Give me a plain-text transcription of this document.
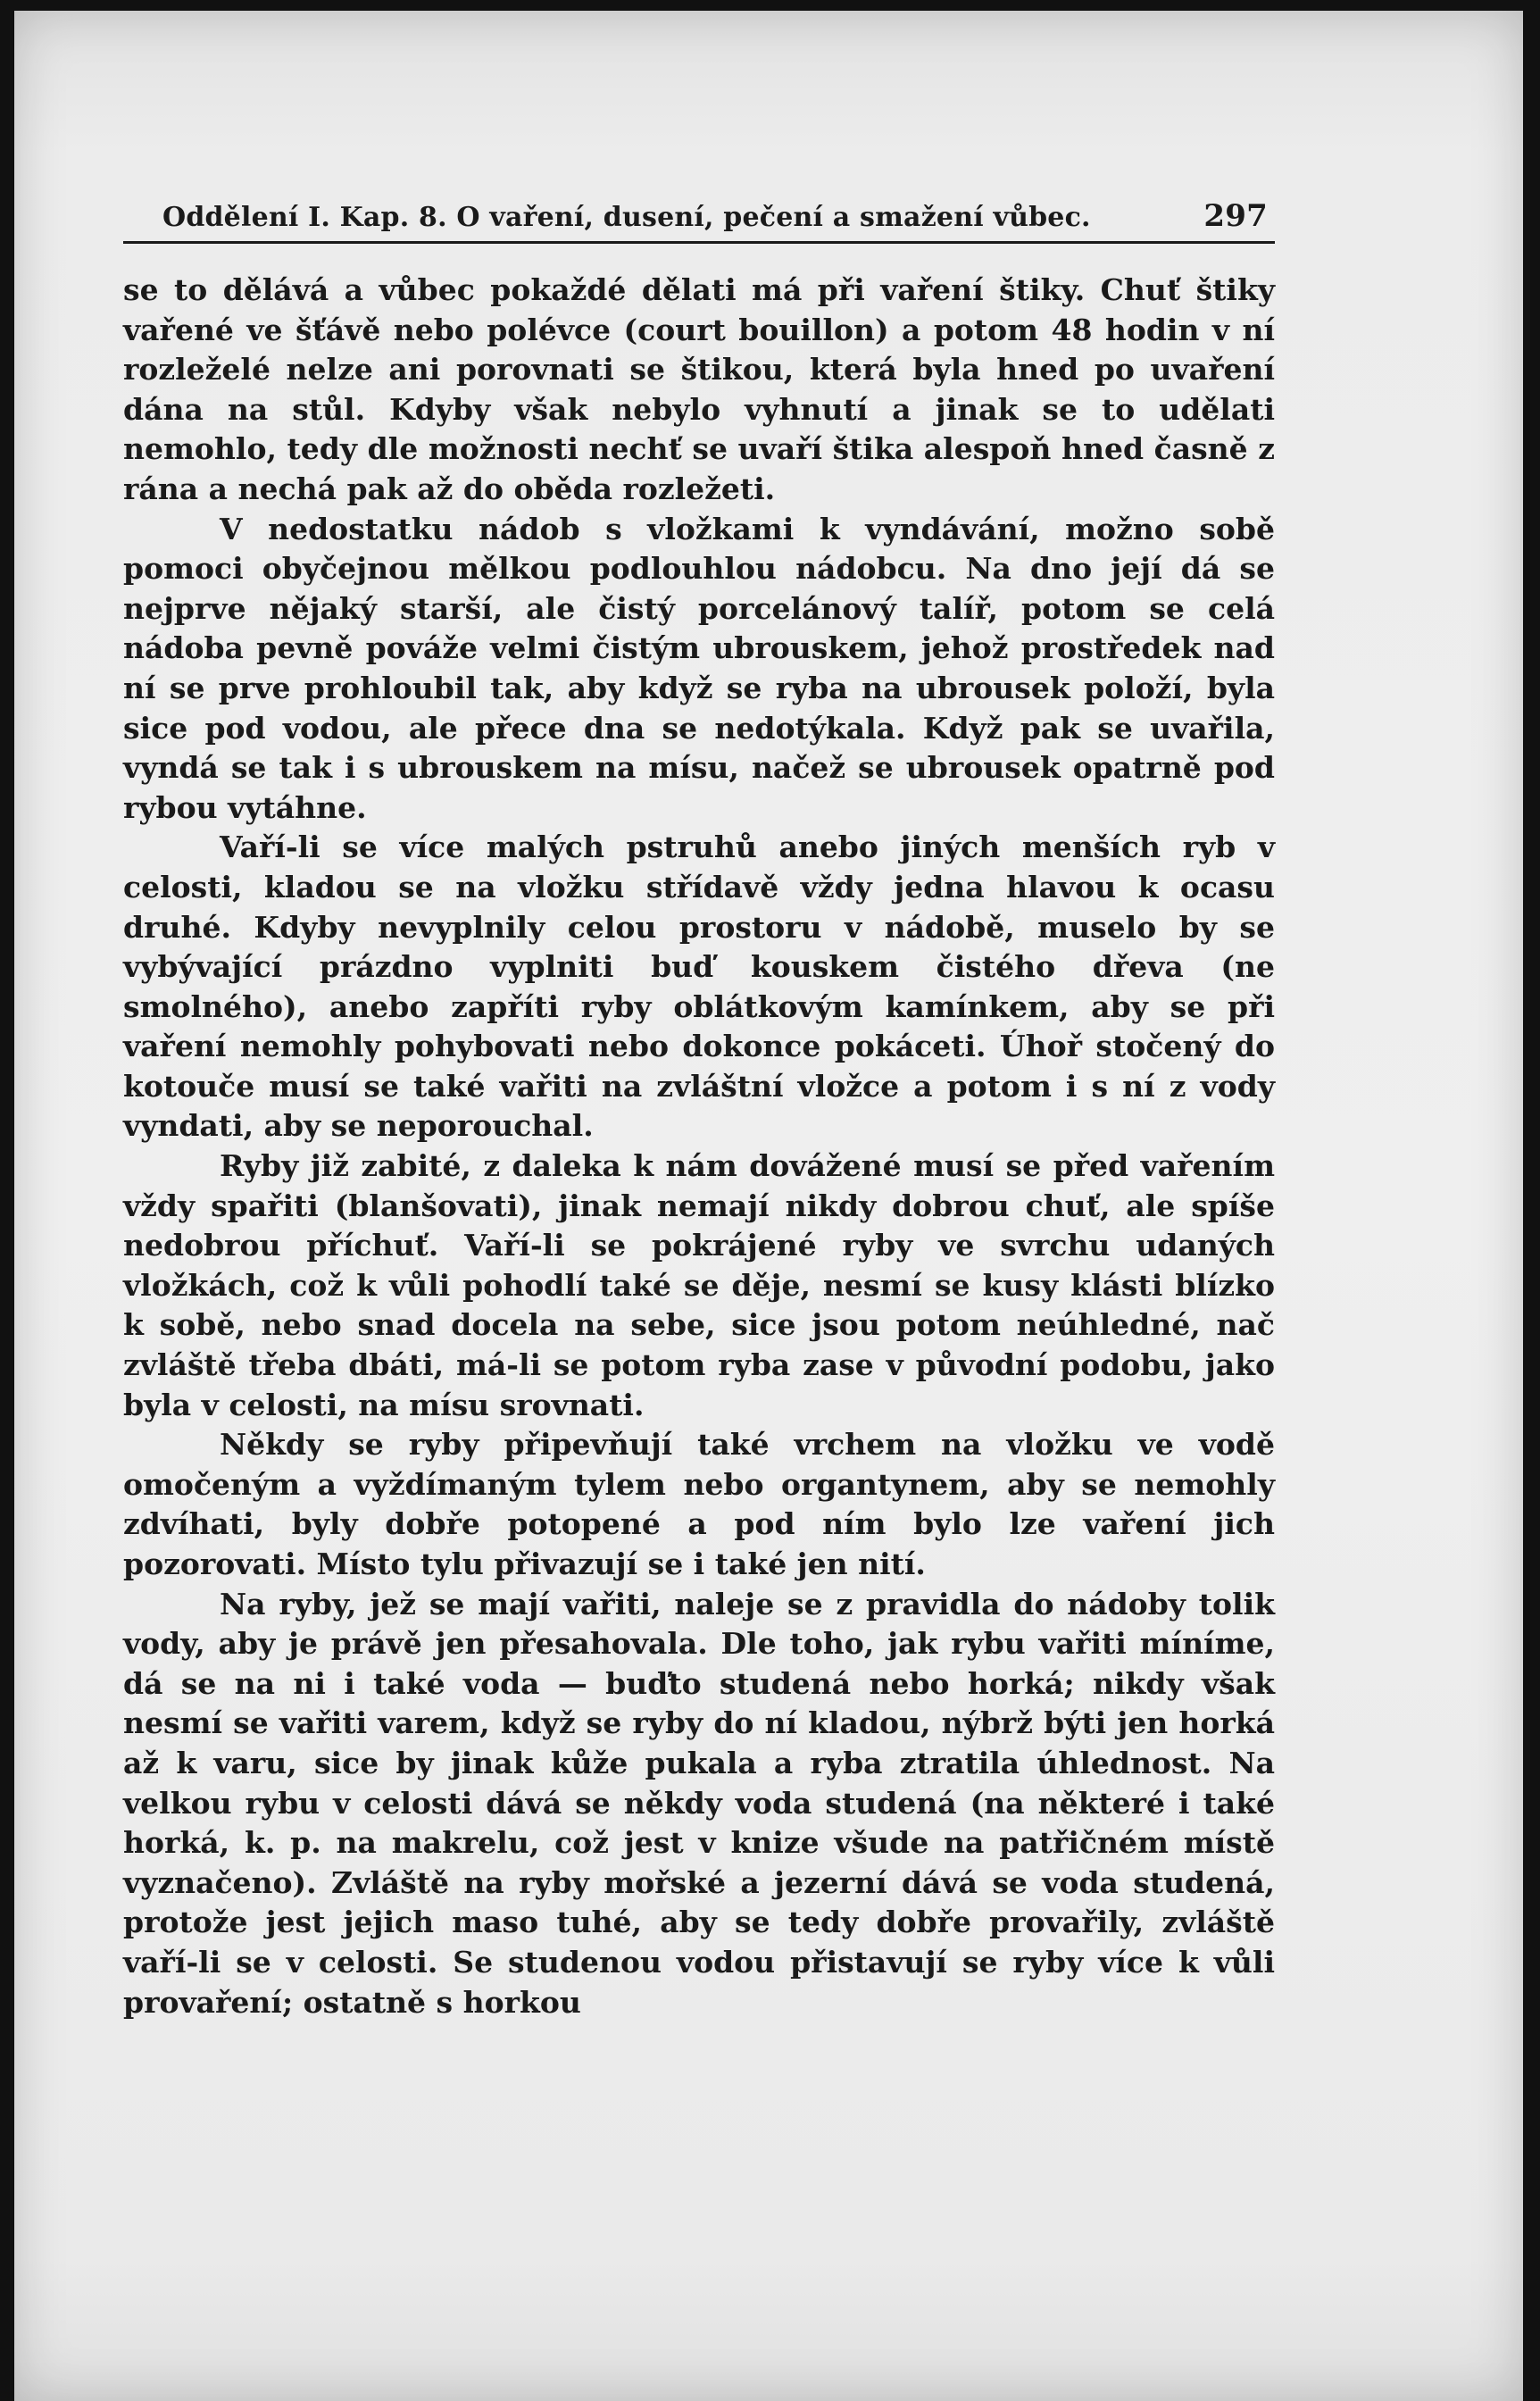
Oddělení I. Kap. 8. O vaření, dusení, pečení a smažení vůbec.	297

se to dělává a vůbec pokaždé dělati má při vaření štiky. Chuť štiky vařené ve šťávě nebo polévce (court bouillon) a potom 48 hodin v ní rozleželé nelze ani porovnati se štikou, která byla hned po uvaření dána na stůl. Kdyby však nebylo vyhnutí a jinak se to udělati nemohlo, tedy dle možnosti nechť se uvaří štika alespoň hned časně z rána a nechá pak až do oběda rozležeti.

V nedostatku nádob s vložkami k vyndávání, možno sobě pomoci obyčejnou mělkou podlouhlou nádobcu. Na dno její dá se nejprve nějaký starší, ale čistý porcelánový talíř, potom se celá nádoba pevně pováže velmi čistým ubrouskem, jehož prostředek nad ní se prve prohloubil tak, aby když se ryba na ubrousek položí, byla sice pod vodou, ale přece dna se nedotýkala. Když pak se uvařila, vyndá se tak i s ubrouskem na mísu, načež se ubrousek opatrně pod rybou vytáhne.

Vaří-li se více malých pstruhů anebo jiných menších ryb v celosti, kladou se na vložku střídavě vždy jedna hlavou k ocasu druhé. Kdyby nevyplnily celou prostoru v nádobě, muselo by se vybývající prázdno vyplniti buď kouskem čistého dřeva (ne smolného), anebo zapříti ryby oblátkovým kamínkem, aby se při vaření nemohly pohybovati nebo dokonce pokáceti. Úhoř stočený do kotouče musí se také vařiti na zvláštní vložce a potom i s ní z vody vyndati, aby se neporouchal.

Ryby již zabité, z daleka k nám dovážené musí se před vařením vždy spařiti (blanšovati), jinak nemají nikdy dobrou chuť, ale spíše nedobrou příchuť. Vaří-li se pokrájené ryby ve svrchu udaných vložkách, což k vůli pohodlí také se děje, nesmí se kusy klásti blízko k sobě, nebo snad docela na sebe, sice jsou potom neúhledné, nač zvláště třeba dbáti, má-li se potom ryba zase v původní podobu, jako byla v celosti, na mísu srovnati.

Někdy se ryby připevňují také vrchem na vložku ve vodě omočeným a vyždímaným tylem nebo organtynem, aby se nemohly zdvíhati, byly dobře potopené a pod ním bylo lze vaření jich pozorovati. Místo tylu přivazují se i také jen nití.

Na ryby, jež se mají vařiti, naleje se z pravidla do nádoby tolik vody, aby je právě jen přesahovala. Dle toho, jak rybu vařiti míníme, dá se na ni i také voda — buďto studená nebo horká; nikdy však nesmí se vařiti varem, když se ryby do ní kladou, nýbrž býti jen horká až k varu, sice by jinak kůže pukala a ryba ztratila úhlednost. Na velkou rybu v celosti dává se někdy voda studená (na některé i také horká, k. p. na makrelu, což jest v knize všude na patřičném místě vyznačeno). Zvláště na ryby mořské a jezerní dává se voda studená, protože jest jejich maso tuhé, aby se tedy dobře provařily, zvláště vaří-li se v celosti. Se studenou vodou přistavují se ryby více k vůli provaření; ostatně s horkou
